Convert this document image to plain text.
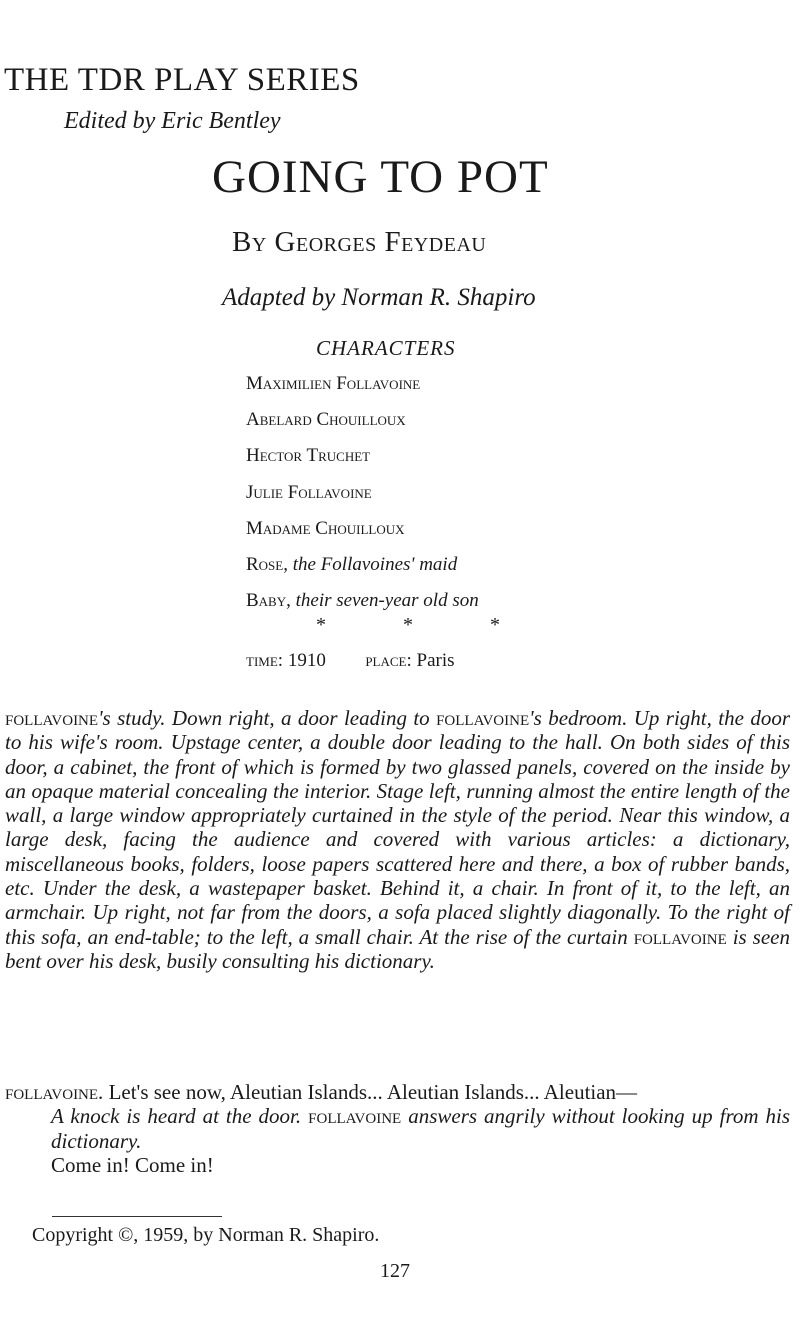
THE TDR PLAY SERIES
Edited by Eric Bentley
GOING TO POT
By Georges Feydeau
Adapted by Norman R. Shapiro
CHARACTERS
Maximilien Follavoine
Abelard Chouilloux
Hector Truchet
Julie Follavoine
Madame Chouilloux
Rose, the Follavoines' maid
Baby, their seven-year old son
* * *
time: 1910 place: Paris
follavoine's study. Down right, a door leading to follavoine's bedroom. Up right, the door to his wife's room. Upstage center, a double door leading to the hall. On both sides of this door, a cabinet, the front of which is formed by two glassed panels, covered on the inside by an opaque material concealing the interior. Stage left, running almost the entire length of the wall, a large window appropriately curtained in the style of the period. Near this window, a large desk, facing the audience and covered with various articles: a dictionary, miscellaneous books, folders, loose papers scattered here and there, a box of rubber bands, etc. Under the desk, a wastepaper basket. Behind it, a chair. In front of it, to the left, an armchair. Up right, not far from the doors, a sofa placed slightly diagonally. To the right of this sofa, an end-table; to the left, a small chair. At the rise of the curtain follavoine is seen bent over his desk, busily consulting his dictionary.

follavoine. Let's see now, Aleutian Islands... Aleutian Islands... Aleutian—

A knock is heard at the door. follavoine answers angrily without looking up from his dictionary.

Come in! Come in!

Copyright ©, 1959, by Norman R. Shapiro.
127
